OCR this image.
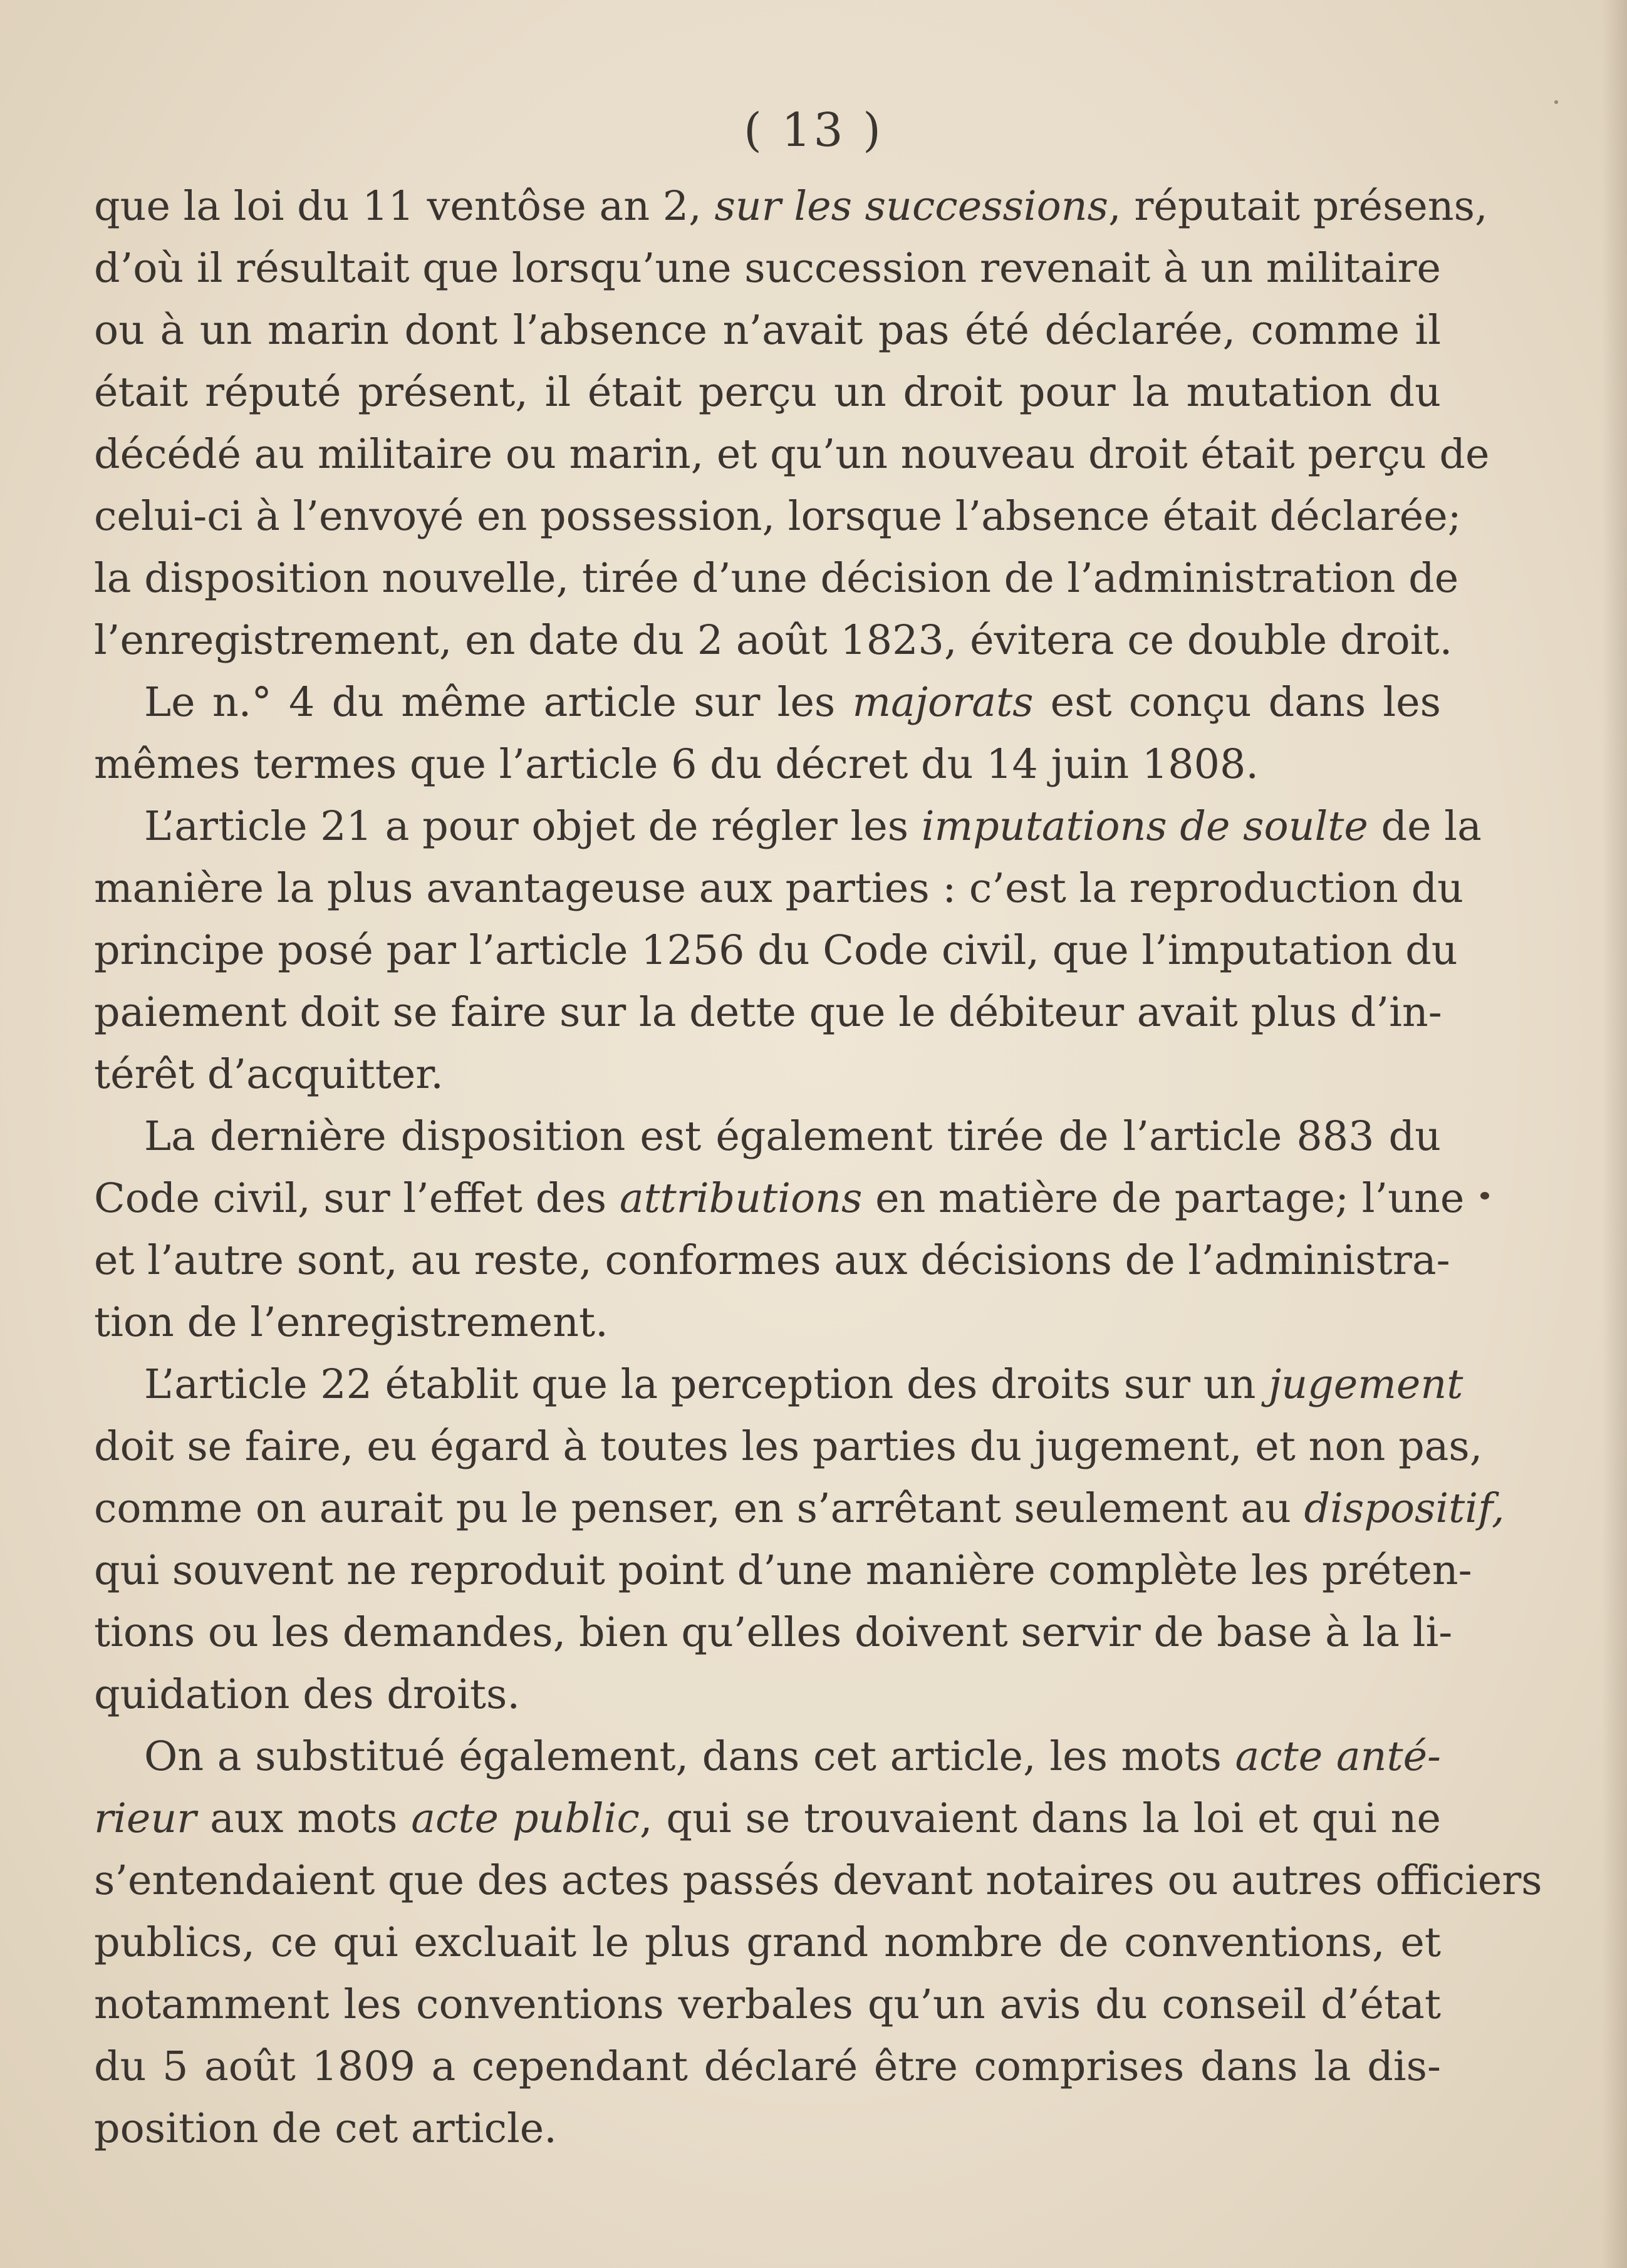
( 13 )
que la loi du 11 ventôse an 2, sur les successions, réputait présens,
d’où il résultait que lorsqu’une succession revenait à un militaire
ou à un marin dont l’absence n’avait pas été déclarée, comme il
était réputé présent, il était perçu un droit pour la mutation du
décédé au militaire ou marin, et qu’un nouveau droit était perçu de
celui-ci à l’envoyé en possession, lorsque l’absence était déclarée;
la disposition nouvelle, tirée d’une décision de l’administration de
l’enregistrement, en date du 2 août 1823, évitera ce double droit.
Le n.° 4 du même article sur les majorats est conçu dans les
mêmes termes que l’article 6 du décret du 14 juin 1808.
L’article 21 a pour objet de régler les imputations de soulte de la
manière la plus avantageuse aux parties : c’est la reproduction du
principe posé par l’article 1256 du Code civil, que l’imputation du
paiement doit se faire sur la dette que le débiteur avait plus d’in-
térêt d’acquitter.
La dernière disposition est également tirée de l’article 883 du
Code civil, sur l’effet des attributions en matière de partage; l’une
et l’autre sont, au reste, conformes aux décisions de l’administra-
tion de l’enregistrement.
L’article 22 établit que la perception des droits sur un jugement
doit se faire, eu égard à toutes les parties du jugement, et non pas,
comme on aurait pu le penser, en s’arrêtant seulement au dispositif,
qui souvent ne reproduit point d’une manière complète les préten-
tions ou les demandes, bien qu’elles doivent servir de base à la li-
quidation des droits.
On a substitué également, dans cet article, les mots acte anté-
rieur aux mots acte public, qui se trouvaient dans la loi et qui ne
s’entendaient que des actes passés devant notaires ou autres officiers
publics, ce qui excluait le plus grand nombre de conventions, et
notamment les conventions verbales qu’un avis du conseil d’état
du 5 août 1809 a cependant déclaré être comprises dans la dis-
position de cet article.
